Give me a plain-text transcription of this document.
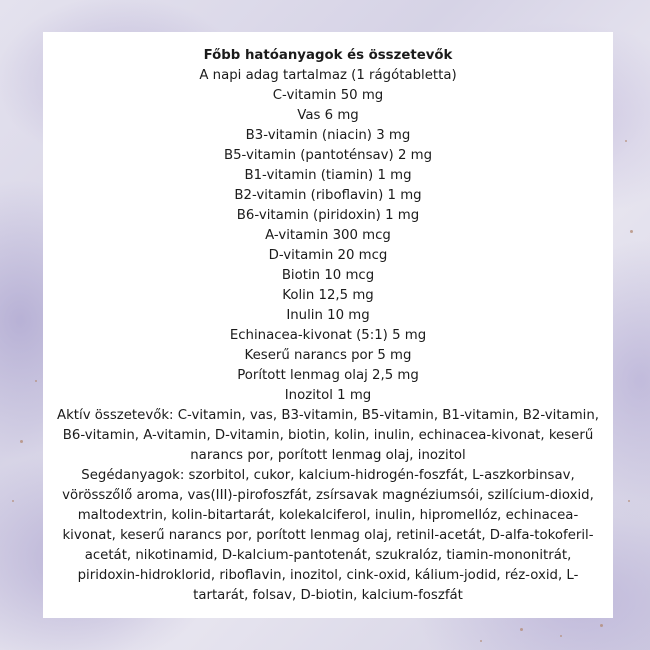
Főbb hatóanyagok és összetevők

A napi adag tartalmaz (1 rágótabletta)

C-vitamin 50 mg

Vas 6 mg

B3-vitamin (niacin) 3 mg

B5-vitamin (pantoténsav) 2 mg

B1-vitamin (tiamin) 1 mg

B2-vitamin (riboflavin) 1 mg

B6-vitamin (piridoxin) 1 mg

A-vitamin 300 mcg

D-vitamin 20 mcg

Biotin 10 mcg

Kolin 12,5 mg

Inulin 10 mg

Echinacea-kivonat (5:1) 5 mg

Keserű narancs por 5 mg

Porított lenmag olaj 2,5 mg

Inozitol 1 mg

Aktív összetevők: C-vitamin, vas, B3-vitamin, B5-vitamin, B1-vitamin, B2-vitamin, B6-vitamin, A-vitamin, D-vitamin, biotin, kolin, inulin, echinacea-kivonat, keserű narancs por, porított lenmag olaj, inozitol

Segédanyagok: szorbitol, cukor, kalcium-hidrogén-foszfát, L-aszkorbinsav, vörösszőlő aroma, vas(III)-pirofoszfát, zsírsavak magnéziumsói, szilícium-dioxid, maltodextrin, kolin-bitartarát, kolekalciferol, inulin, hipromellóz, echinacea-kivonat, keserű narancs por, porított lenmag olaj, retinil-acetát, D-alfa-tokoferil-acetát, nikotinamid, D-kalcium-pantotenát, szukralóz, tiamin-mononitrát, piridoxin-hidroklorid, riboflavin, inozitol, cink-oxid, kálium-jodid, réz-oxid, L-tartarát, folsav, D-biotin, kalcium-foszfát
